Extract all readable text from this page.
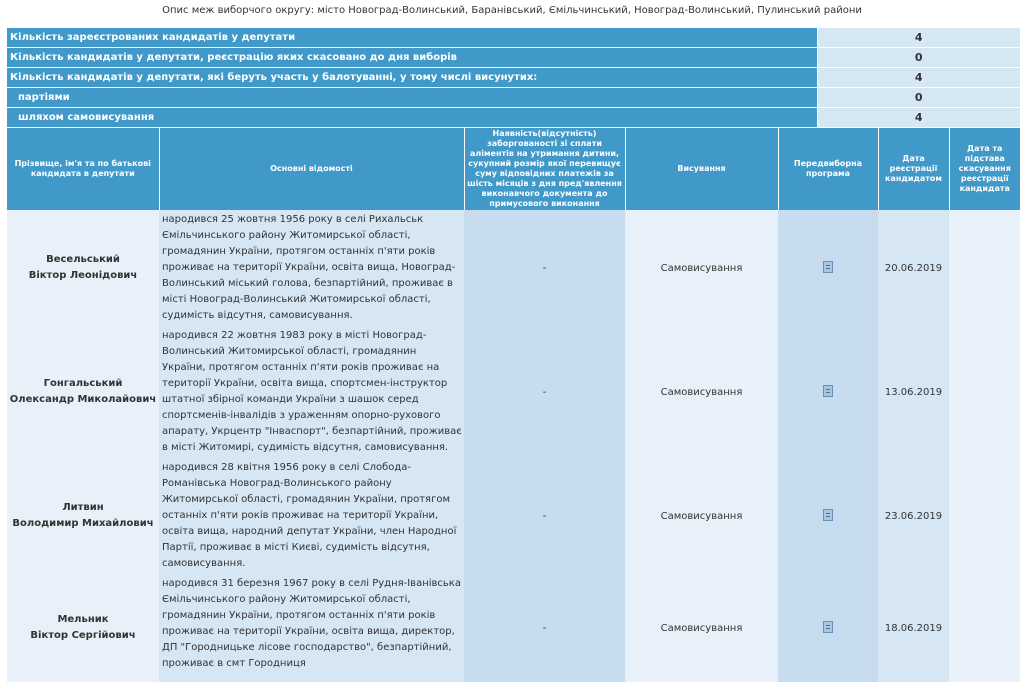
Опис меж виборчого округу: місто Новоград-Волинський, Баранівський, Ємільчинський, Новоград-Волинський, Пулинський райони
Кількість зареєстрованих кандидатів у депутати	4
Кількість кандидатів у депутати, реєстрацію яких скасовано до дня виборів	0
Кількість кандидатів у депутати, які беруть участь у балотуванні, у тому числі висунутих:	4
партіями	0
шляхом самовисування	4
Прізвище, ім'я та по батькові кандидата в депутати	Основні відомості	Наявність(відсутність) заборгованості зі сплати аліментів на утримання дитини, сукупний розмір якої перевищує суму відповідних платежів за шість місяців з дня пред'явлення виконавчого документа до примусового виконання	Висування	Передвиборна програма	Дата реєстрації кандидатом	Дата та підстава скасування реєстрації кандидата
Весельський
Віктор Леонідович	народився 25 жовтня 1956 року в селі Рихальськ Ємільчинського району Житомирської області, громадянин України, протягом останніх п'яти років проживає на території України, освіта вища, Новоград-Волинський міський голова, безпартійний, проживає в місті Новоград-Волинський Житомирської області, судимість відсутня, самовисування.	-	Самовисування		20.06.2019	
Гонгальський
Олександр Миколайович	народився 22 жовтня 1983 року в місті Новоград-Волинський Житомирської області, громадянин України, протягом останніх п'яти років проживає на території України, освіта вища, спортсмен-інструктор штатної збірної команди України з шашок серед спортсменів-інвалідів з ураженням опорно-рухового апарату, Укрцентр "Інваспорт", безпартійний, проживає в місті Житомирі, судимість відсутня, самовисування.	-	Самовисування		13.06.2019	
Литвин
Володимир Михайлович	народився 28 квітня 1956 року в селі Слобода-Романівська Новоград-Волинського району Житомирської області, громадянин України, протягом останніх п'яти років проживає на території України, освіта вища, народний депутат України, член Народної Партії, проживає в місті Києві, судимість відсутня, самовисування.	-	Самовисування		23.06.2019	
Мельник
Віктор Сергійович	народився 31 березня 1967 року в селі Рудня-Іванівська Ємільчинського району Житомирської області, громадянин України, протягом останніх п'яти років проживає на території України, освіта вища, директор, ДП "Городницьке лісове господарство", безпартійний, проживає в смт Городниця	-	Самовисування		18.06.2019	
